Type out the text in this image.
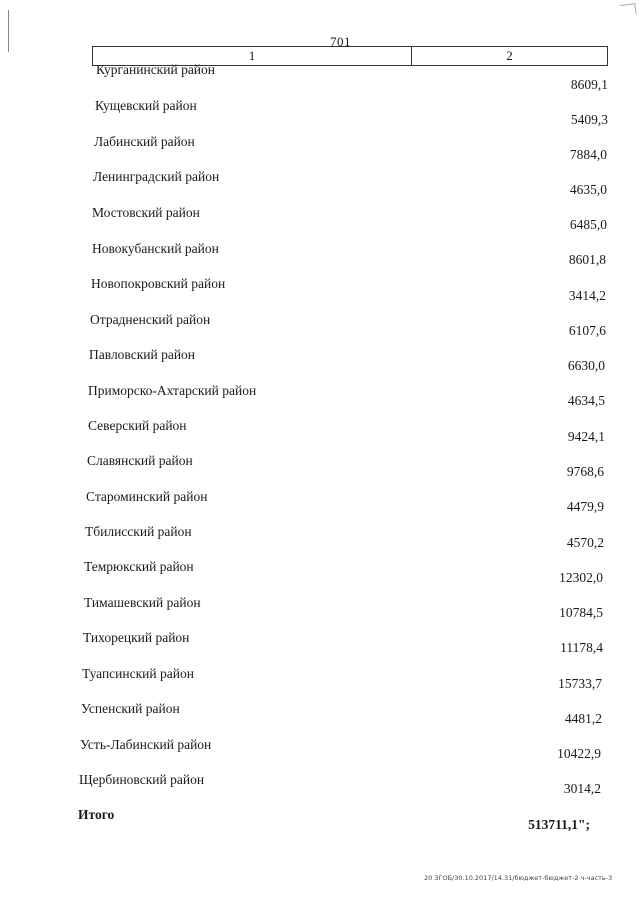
701
1	2
Курганинский район
8609,1
Кущевский район
5409,3
Лабинский район
7884,0
Ленинградский район
4635,0
Мостовский район
6485,0
Новокубанский район
8601,8
Новопокровский район
3414,2
Отрадненский район
6107,6
Павловский район
6630,0
Приморско-Ахтарский район
4634,5
Северский район
9424,1
Славянский район
9768,6
Староминский район
4479,9
Тбилисский район
4570,2
Темрюкский район
12302,0
Тимашевский район
10784,5
Тихорецкий район
11178,4
Туапсинский район
15733,7
Успенский район
4481,2
Усть-Лабинский район
10422,9
Щербиновский район
3014,2
Итого
513711,1";
20 ЗГОБ/30.10.2017/14.31/бюджет-бюджет-2 ч-часть-3
